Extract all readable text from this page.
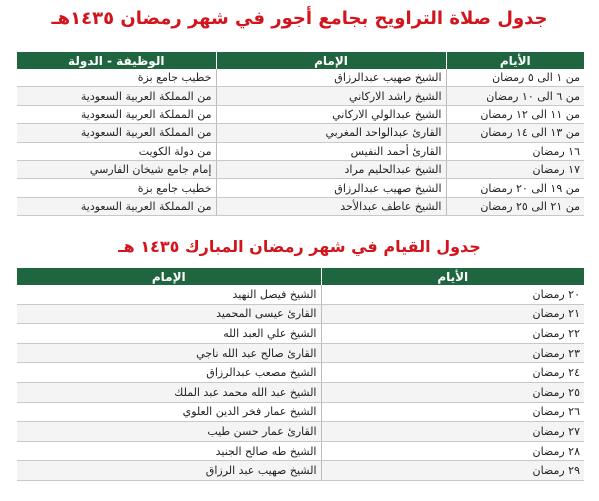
جدول صلاة التراويح بجامع أجور في شهر رمضان ١٤٣٥هـ
الأيام	الإمام	الوظيفة - الدولة
من ١ الى ٥ رمضان	الشيخ صهيب عبدالرزاق	خطيب جامع بزة
من ٦ الى ١٠ رمضان	الشيخ راشد الاركاني	من المملكة العربية السعودية
من ١١ الى ١٢ رمضان	الشيخ عبدالولي الاركاني	من المملكة العربية السعودية
من ١٣ الى ١٤ رمضان	القارئ عبدالواحد المغربي	من المملكة العربية السعودية
١٦ رمضان	القارئ أحمد النفيس	من دولة الكويت
١٧ رمضان	الشيخ عبدالحليم مراد	إمام جامع شيخان الفارسي
من ١٩ الى ٢٠ رمضان	الشيخ صهيب عبدالرزاق	خطيب جامع بزة
من ٢١ الى ٢٥ رمضان	الشيخ عاطف عبدالأحد	من المملكة العربية السعودية
جدول القيام في شهر رمضان المبارك ١٤٣٥ هـ
الأيام	الإمام
٢٠ رمضان	الشيخ فيصل النهيد
٢١ رمضان	القارئ عيسى المحميد
٢٢ رمضان	الشيخ علي العبد الله
٢٣ رمضان	القارئ صالح عبد الله ناجي
٢٤ رمضان	الشيخ مصعب عبدالرزاق
٢٥ رمضان	الشيخ عبد الله محمد عبد الملك
٢٦ رمضان	الشيخ عمار فخر الدين العلوي
٢٧ رمضان	القارئ عمار حسن طيب
٢٨ رمضان	الشيخ طه صالح الجنيد
٢٩ رمضان	الشيخ صهيب عبد الرزاق
